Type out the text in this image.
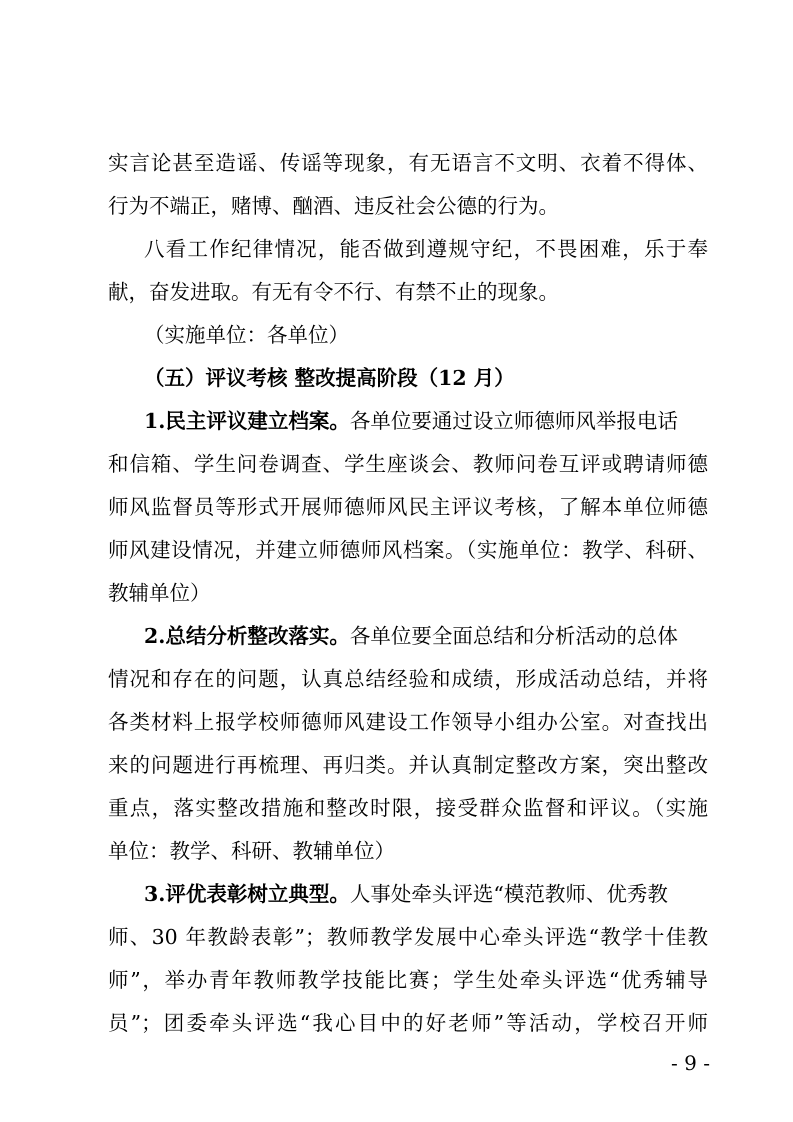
实言论甚至造谣、传谣等现象，有无语言不文明、衣着不得体、
行为不端正，赌博、酗酒、违反社会公德的行为。
八看工作纪律情况，能否做到遵规守纪，不畏困难，乐于奉
献，奋发进取。有无有令不行、有禁不止的现象。
（实施单位：各单位）
（五）评议考核 整改提高阶段（12 月）
1.民主评议建立档案。各单位要通过设立师德师风举报电话
和信箱、学生问卷调查、学生座谈会、教师问卷互评或聘请师德
师风监督员等形式开展师德师风民主评议考核，了解本单位师德
师风建设情况，并建立师德师风档案。（实施单位：教学、科研、
教辅单位）
2.总结分析整改落实。各单位要全面总结和分析活动的总体
情况和存在的问题，认真总结经验和成绩，形成活动总结，并将
各类材料上报学校师德师风建设工作领导小组办公室。对查找出
来的问题进行再梳理、再归类。并认真制定整改方案，突出整改
重点，落实整改措施和整改时限，接受群众监督和评议。（实施
单位：教学、科研、教辅单位）
3.评优表彰树立典型。人事处牵头评选“模范教师、优秀教
师、30 年教龄表彰”；教师教学发展中心牵头评选“教学十佳教
师”，举办青年教师教学技能比赛；学生处牵头评选“优秀辅导
员”；团委牵头评选“我心目中的好老师”等活动，学校召开师
- 9 -
